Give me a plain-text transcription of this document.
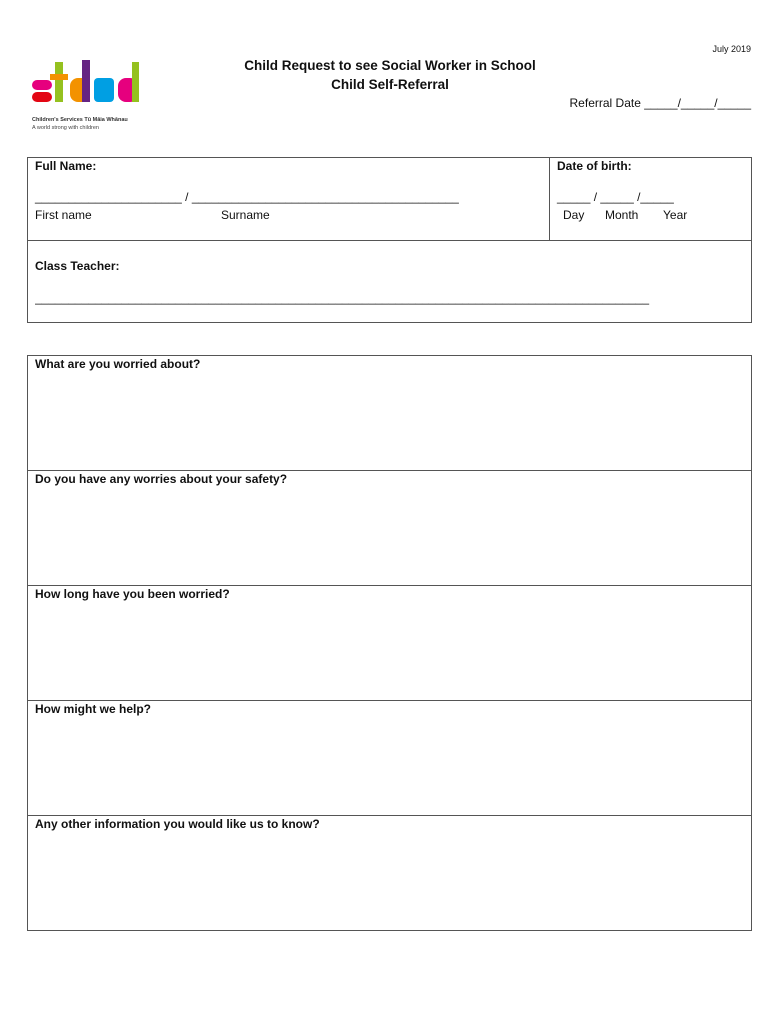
July 2019
Children's Services Tū Māia Whānau
A world strong with children
Child Request to see Social Worker in School
Child Self-Referral
Referral Date _____/_____/_____
Full Name:
______________________ / ________________________________________
First name	Surname
Date of birth:
_____ / _____ /_____
Day Month Year
Class Teacher:
____________________________________________________________________________________________
What are you worried about?
Do you have any worries about your safety?
How long have you been worried?
How might we help?
Any other information you would like us to know?
